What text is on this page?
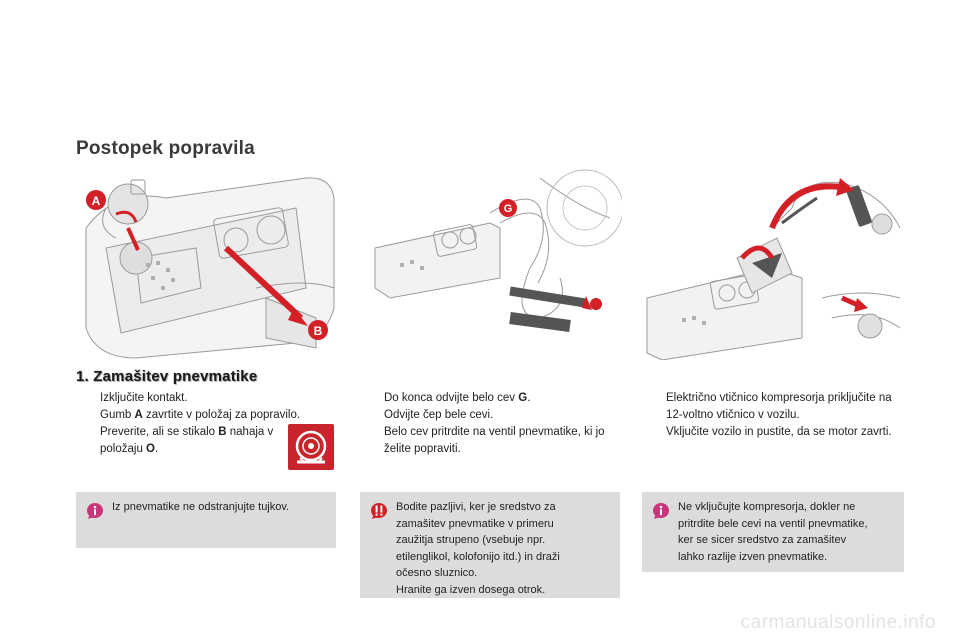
Postopek popravila
A
B
G
1. Zamašitev pnevmatike
Izključite kontakt.
Gumb A zavrtite v položaj za popravilo.
Preverite, ali se stikalo B nahaja v položaju O.
Do konca odvijte belo cev G.
Odvijte čep bele cevi.
Belo cev pritrdite na ventil pnevmatike, ki jo želite popraviti.
Električno vtičnico kompresorja priključite na 12-voltno vtičnico v vozilu.
Vključite vozilo in pustite, da se motor zavrti.
Iz pnevmatike ne odstranjujte tujkov.	Bodite pazljivi, ker je sredstvo za
zamašitev pnevmatike v primeru
zaužitja strupeno (vsebuje npr.
etilenglikol, kolofonijo itd.) in draži
očesno sluznico.
Hranite ga izven dosega otrok.
Ne vključujte kompresorja, dokler ne
pritrdite bele cevi na ventil pnevmatike,
ker se sicer sredstvo za zamašitev
lahko razlije izven pnevmatike.
carmanualsonline.info
